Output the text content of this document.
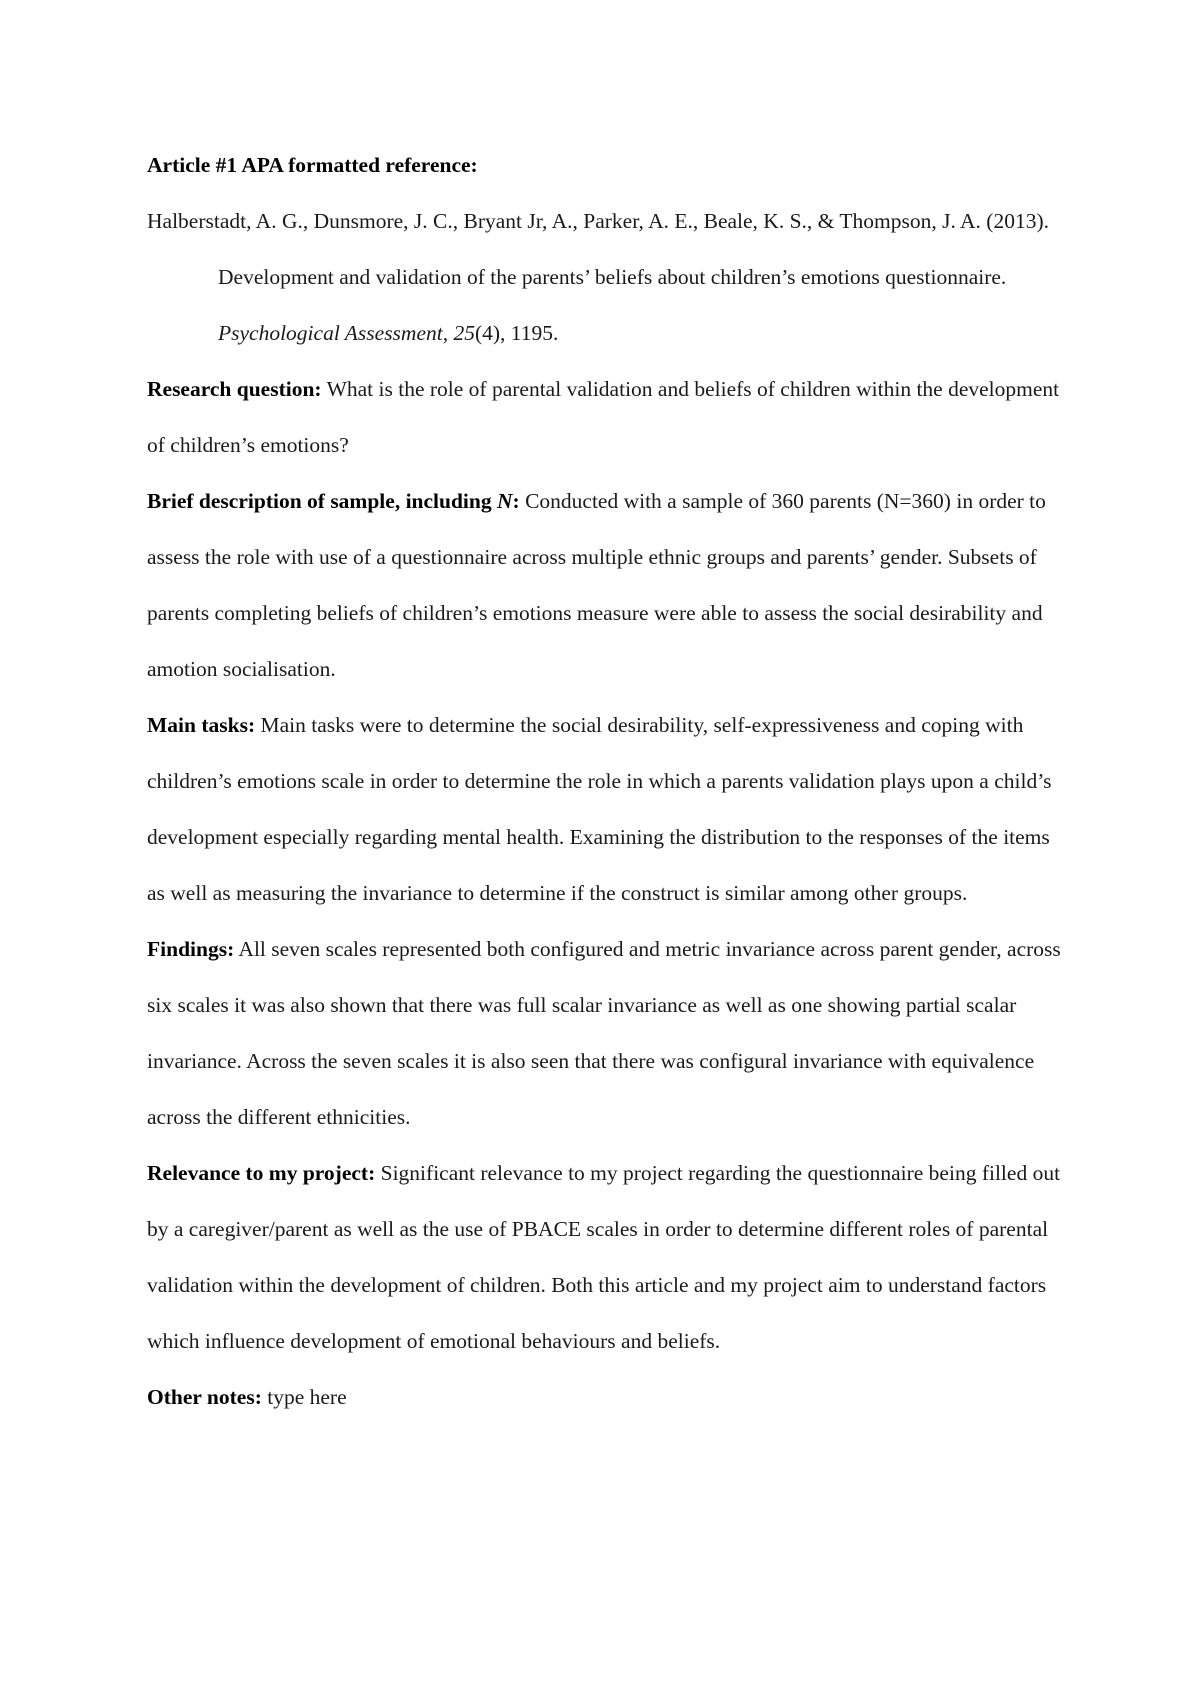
Article #1 APA formatted reference:

Halberstadt, A. G., Dunsmore, J. C., Bryant Jr, A., Parker, A. E., Beale, K. S., & Thompson, J. A. (2013). Development and validation of the parents’ beliefs about children’s emotions questionnaire. Psychological Assessment, 25(4), 1195.

Research question: What is the role of parental validation and beliefs of children within the development of children’s emotions?

Brief description of sample, including N: Conducted with a sample of 360 parents (N=360) in order to assess the role with use of a questionnaire across multiple ethnic groups and parents’ gender. Subsets of parents completing beliefs of children’s emotions measure were able to assess the social desirability and amotion socialisation.

Main tasks: Main tasks were to determine the social desirability, self-expressiveness and coping with children’s emotions scale in order to determine the role in which a parents validation plays upon a child’s development especially regarding mental health. Examining the distribution to the responses of the items as well as measuring the invariance to determine if the construct is similar among other groups.

Findings: All seven scales represented both configured and metric invariance across parent gender, across six scales it was also shown that there was full scalar invariance as well as one showing partial scalar invariance. Across the seven scales it is also seen that there was configural invariance with equivalence across the different ethnicities.

Relevance to my project: Significant relevance to my project regarding the questionnaire being filled out by a caregiver/parent as well as the use of PBACE scales in order to determine different roles of parental validation within the development of children. Both this article and my project aim to understand factors which influence development of emotional behaviours and beliefs.

Other notes: type here
